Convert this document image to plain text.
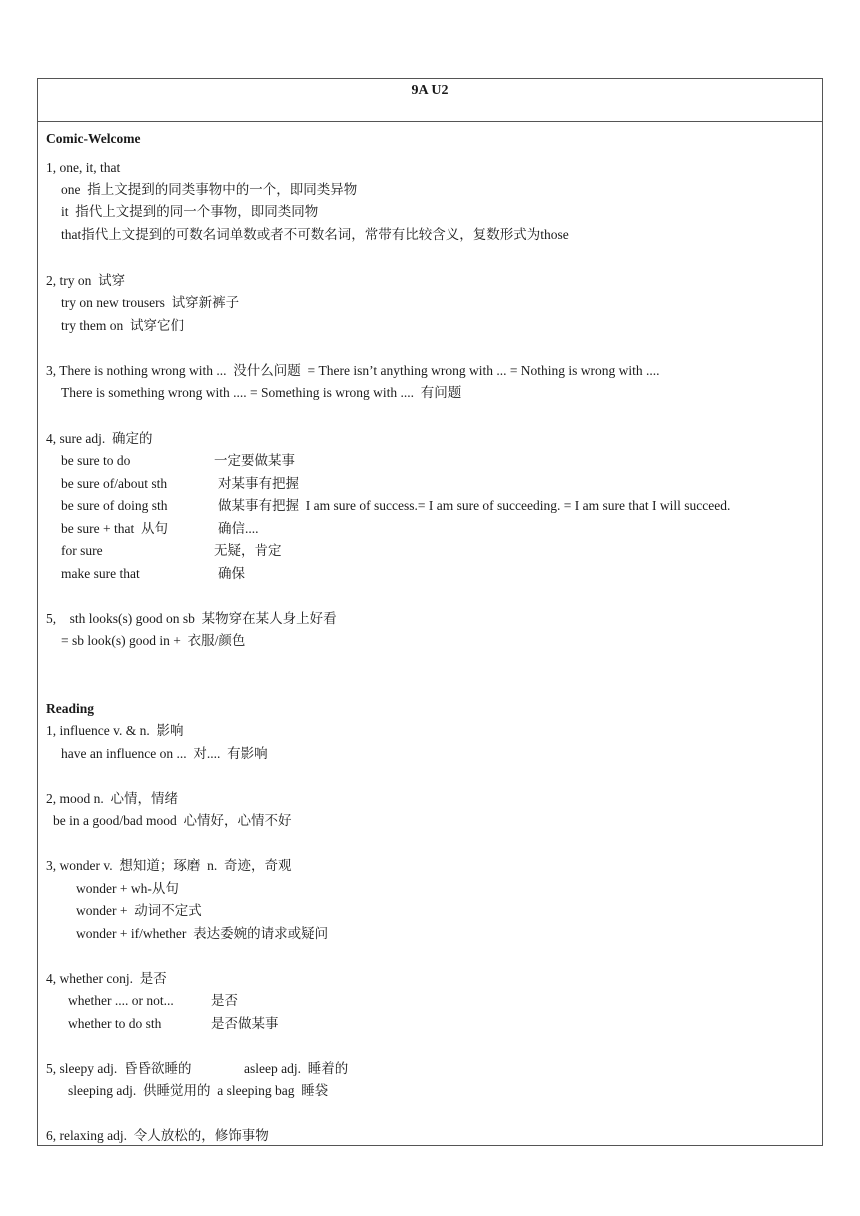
9A U2
Comic-Welcome
1, one, it, that
one  指上文提到的同类事物中的一个，即同类异物
it  指代上文提到的同一个事物，即同类同物
that指代上文提到的可数名词单数或者不可数名词，常带有比较含义，复数形式为those
2, try on  试穿
try on new trousers  试穿新裤子
try them on  试穿它们
3, There is nothing wrong with ...  没什么问题  = There isn’t anything wrong with ... = Nothing is wrong with ....
There is something wrong with .... = Something is wrong with ....  有问题
4, sure adj.  确定的
be sure to do	一定要做某事
be sure of/about sth	对某事有把握
be sure of doing sth	做某事有把握  I am sure of success.= I am sure of succeeding. = I am sure that I will succeed.
be sure + that  从句	确信....
for sure	无疑，肯定
make sure that	确保
5,    sth looks(s) good on sb  某物穿在某人身上好看
= sb look(s) good in +  衣服/颜色
Reading
1, influence v. & n.  影响
have an influence on ...  对....  有影响
2, mood n.  心情，情绪
be in a good/bad mood  心情好，心情不好
3, wonder v.  想知道；琢磨  n.  奇迹，奇观
wonder + wh-从句
wonder +  动词不定式
wonder + if/whether  表达委婉的请求或疑问
4, whether conj.  是否
whether .... or not...	是否
whether to do sth	是否做某事
5, sleepy adj.  昏昏欲睡的	asleep adj.  睡着的
sleeping adj.  供睡觉用的  a sleeping bag  睡袋
6, relaxing adj.  令人放松的，修饰事物
